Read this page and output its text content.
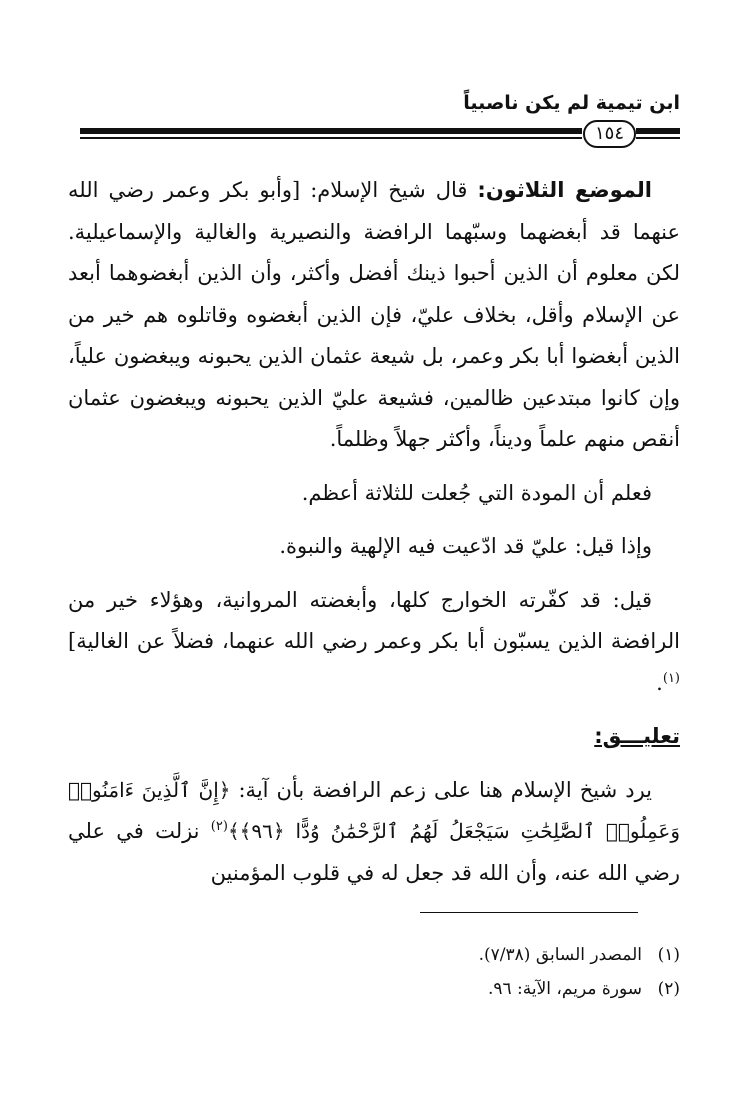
ابن تيمية لم يكن ناصبياً
١٥٤

الموضع الثلاثون: قال شيخ الإسلام: [وأبو بكر وعمر رضي الله عنهما قد أبغضهما وسبّهما الرافضة والنصيرية والغالية والإسماعيلية. لكن معلوم أن الذين أحبوا ذينك أفضل وأكثر، وأن الذين أبغضوهما أبعد عن الإسلام وأقل، بخلاف عليّ، فإن الذين أبغضوه وقاتلوه هم خير من الذين أبغضوا أبا بكر وعمر، بل شيعة عثمان الذين يحبونه ويبغضون علياً، وإن كانوا مبتدعين ظالمين، فشيعة عليّ الذين يحبونه ويبغضون عثمان أنقص منهم علماً وديناً، وأكثر جهلاً وظلماً.

فعلم أن المودة التي جُعلت للثلاثة أعظم.

وإذا قيل: عليّ قد ادّعيت فيه الإلهية والنبوة.

قيل: قد كفّرته الخوارج كلها، وأبغضته المروانية، وهؤلاء خير من الرافضة الذين يسبّون أبا بكر وعمر رضي الله عنهما، فضلاً عن الغالية]$^{(١)}$.

تعليـــق:

يرد شيخ الإسلام هنا على زعم الرافضة بأن آية: ﴿إِنَّ ٱلَّذِينَ ءَامَنُوا۟ وَعَمِلُوا۟ ٱلصَّٰلِحَٰتِ سَيَجْعَلُ لَهُمُ ٱلرَّحْمَٰنُ وُدًّا ﴿٩٦﴾﴾$^{(٢)}$ نزلت في علي رضي الله عنه، وأن الله قد جعل له في قلوب المؤمنين

(١)المصدر السابق (٧/٣٨).
(٢)سورة مريم، الآية: ٩٦.
